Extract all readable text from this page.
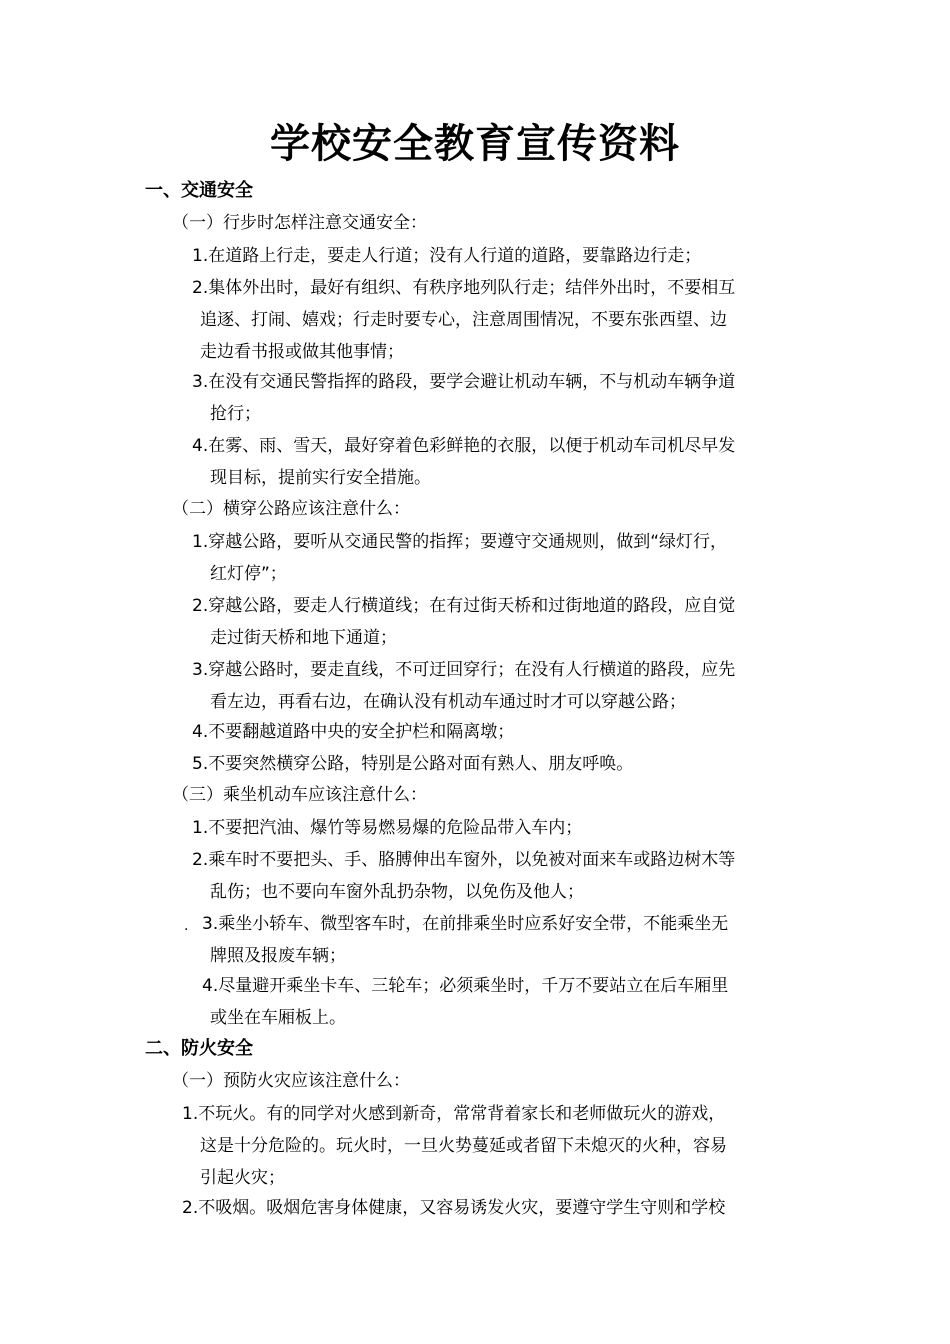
学校安全教育宣传资料
一、交通安全
（一）行步时怎样注意交通安全：
1.在道路上行走，要走人行道；没有人行道的道路，要靠路边行走；
2.集体外出时，最好有组织、有秩序地列队行走；结伴外出时，不要相互
追逐、打闹、嬉戏；行走时要专心，注意周围情况，不要东张西望、边
走边看书报或做其他事情；
3.在没有交通民警指挥的路段，要学会避让机动车辆，不与机动车辆争道
抢行；
4.在雾、雨、雪天，最好穿着色彩鲜艳的衣服，以便于机动车司机尽早发
现目标，提前实行安全措施。
（二）横穿公路应该注意什么：
1.穿越公路，要听从交通民警的指挥；要遵守交通规则，做到“绿灯行，
红灯停”；
2.穿越公路，要走人行横道线；在有过街天桥和过街地道的路段，应自觉
走过街天桥和地下通道；
3.穿越公路时，要走直线，不可迂回穿行；在没有人行横道的路段，应先
看左边，再看右边，在确认没有机动车通过时才可以穿越公路；
4.不要翻越道路中央的安全护栏和隔离墩；
5.不要突然横穿公路，特别是公路对面有熟人、朋友呼唤。
（三）乘坐机动车应该注意什么：
1.不要把汽油、爆竹等易燃易爆的危险品带入车内；
2.乘车时不要把头、手、胳膊伸出车窗外，以免被对面来车或路边树木等
乱伤；也不要向车窗外乱扔杂物，以免伤及他人；
. 3.乘坐小轿车、微型客车时，在前排乘坐时应系好安全带，不能乘坐无
牌照及报废车辆；
4.尽量避开乘坐卡车、三轮车；必须乘坐时，千万不要站立在后车厢里
或坐在车厢板上。
二、防火安全
（一）预防火灾应该注意什么：
1.不玩火。有的同学对火感到新奇，常常背着家长和老师做玩火的游戏，
这是十分危险的。玩火时，一旦火势蔓延或者留下未熄灭的火种，容易
引起火灾；
2.不吸烟。吸烟危害身体健康，又容易诱发火灾，要遵守学生守则和学校
